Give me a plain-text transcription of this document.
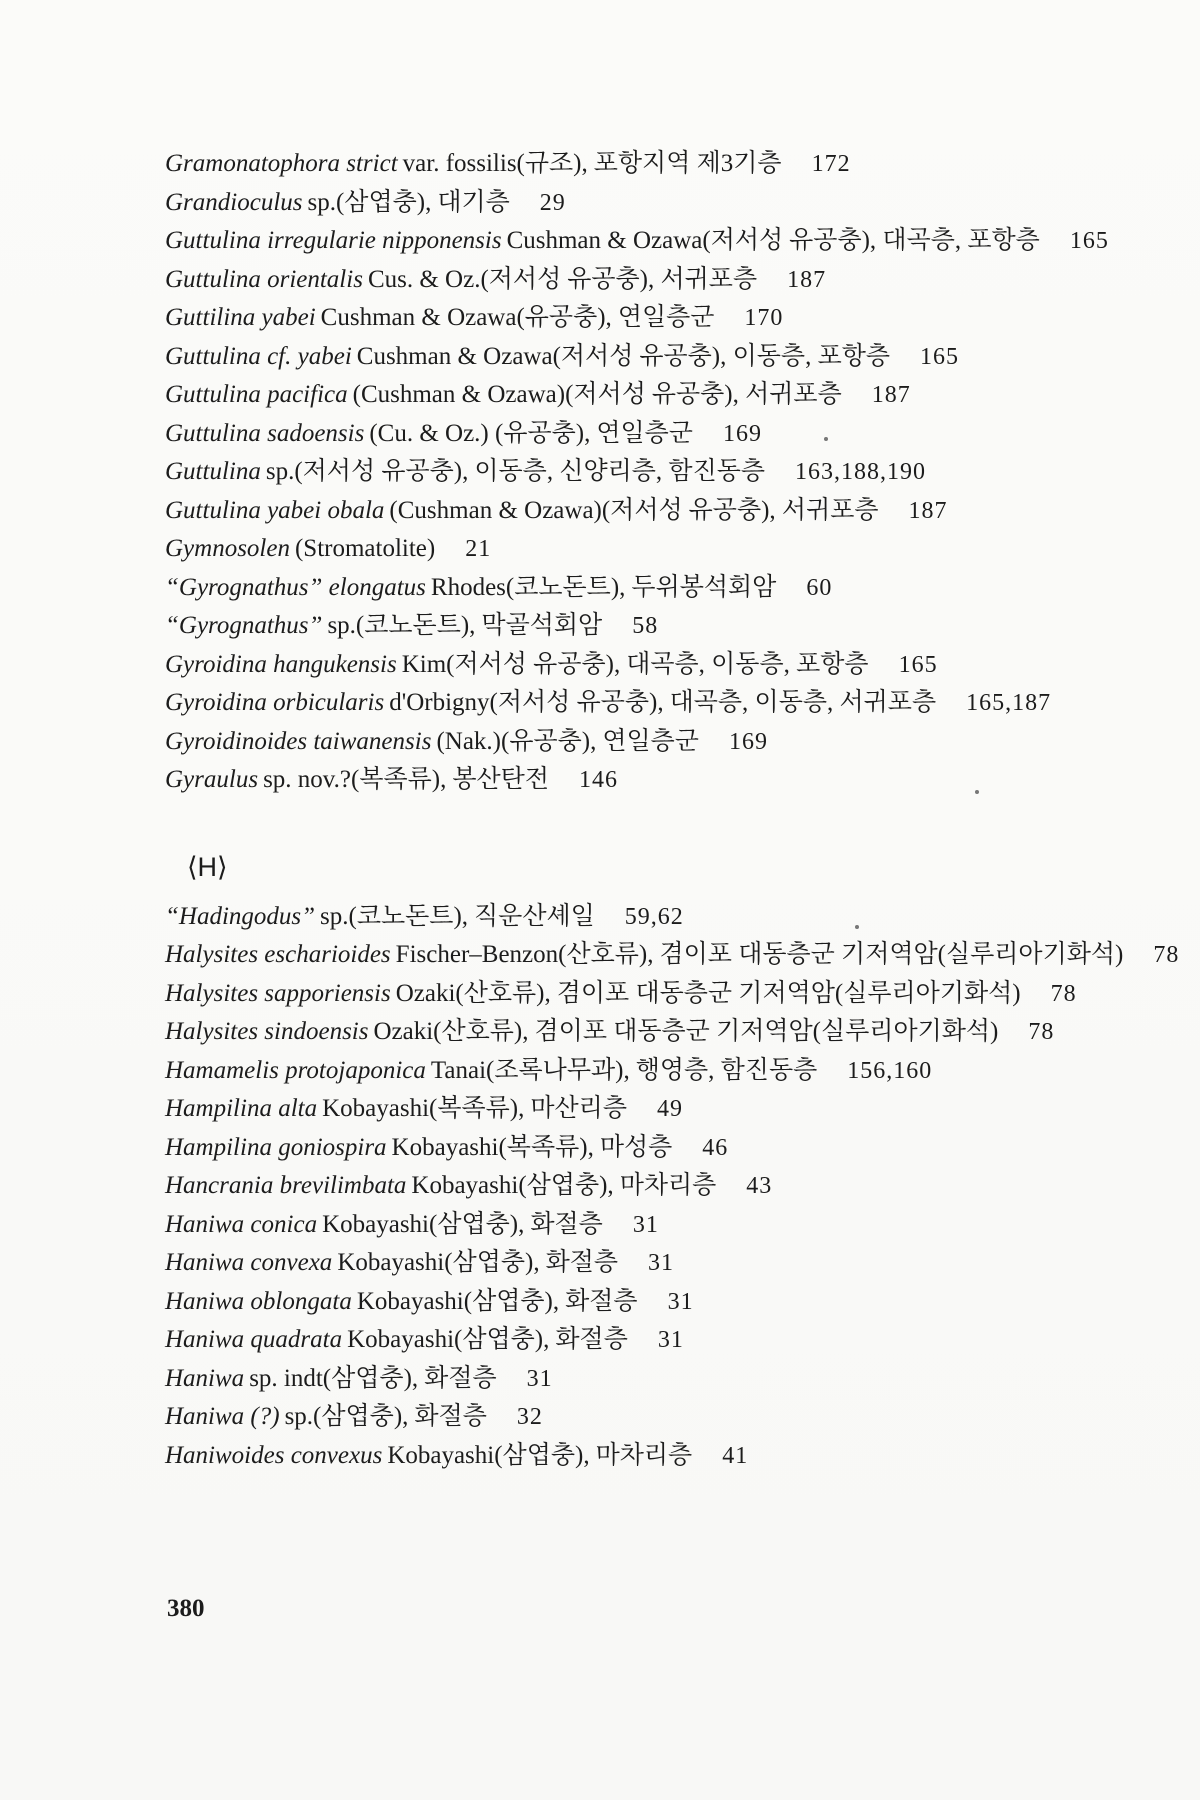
Gramonatophora strict var. fossilis(규조), 포항지역 제3기층 172
Grandioculus sp.(삼엽충), 대기층 29
Guttulina irregularie nipponensis Cushman & Ozawa(저서성 유공충), 대곡층, 포항층 165
Guttulina orientalis Cus. & Oz.(저서성 유공충), 서귀포층 187
Guttilina yabei Cushman & Ozawa(유공충), 연일층군 170
Guttulina cf. yabei Cushman & Ozawa(저서성 유공충), 이동층, 포항층 165
Guttulina pacifica (Cushman & Ozawa)(저서성 유공충), 서귀포층 187
Guttulina sadoensis (Cu. & Oz.) (유공충), 연일층군 169
Guttulina sp.(저서성 유공충), 이동층, 신양리층, 함진동층 163,188,190
Guttulina yabei obala (Cushman & Ozawa)(저서성 유공충), 서귀포층 187
Gymnosolen (Stromatolite) 21
“Gyrognathus” elongatus Rhodes(코노돈트), 두위봉석회암 60
“Gyrognathus” sp.(코노돈트), 막골석회암 58
Gyroidina hangukensis Kim(저서성 유공충), 대곡층, 이동층, 포항층 165
Gyroidina orbicularis d'Orbigny(저서성 유공충), 대곡층, 이동층, 서귀포층 165,187
Gyroidinoides taiwanensis (Nak.)(유공충), 연일층군 169
Gyraulus sp. nov.?(복족류), 봉산탄전 146
⟨H⟩
“Hadingodus” sp.(코노돈트), 직운산셰일 59,62
Halysites escharioides Fischer–Benzon(산호류), 겸이포 대동층군 기저역암(실루리아기화석) 78
Halysites sapporiensis Ozaki(산호류), 겸이포 대동층군 기저역암(실루리아기화석) 78
Halysites sindoensis Ozaki(산호류), 겸이포 대동층군 기저역암(실루리아기화석) 78
Hamamelis protojaponica Tanai(조록나무과), 행영층, 함진동층 156,160
Hampilina alta Kobayashi(복족류), 마산리층 49
Hampilina goniospira Kobayashi(복족류), 마성층 46
Hancrania brevilimbata Kobayashi(삼엽충), 마차리층 43
Haniwa conica Kobayashi(삼엽충), 화절층 31
Haniwa convexa Kobayashi(삼엽충), 화절층 31
Haniwa oblongata Kobayashi(삼엽충), 화절층 31
Haniwa quadrata Kobayashi(삼엽충), 화절층 31
Haniwa sp. indt(삼엽충), 화절층 31
Haniwa (?) sp.(삼엽충), 화절층 32
Haniwoides convexus Kobayashi(삼엽충), 마차리층 41
380
